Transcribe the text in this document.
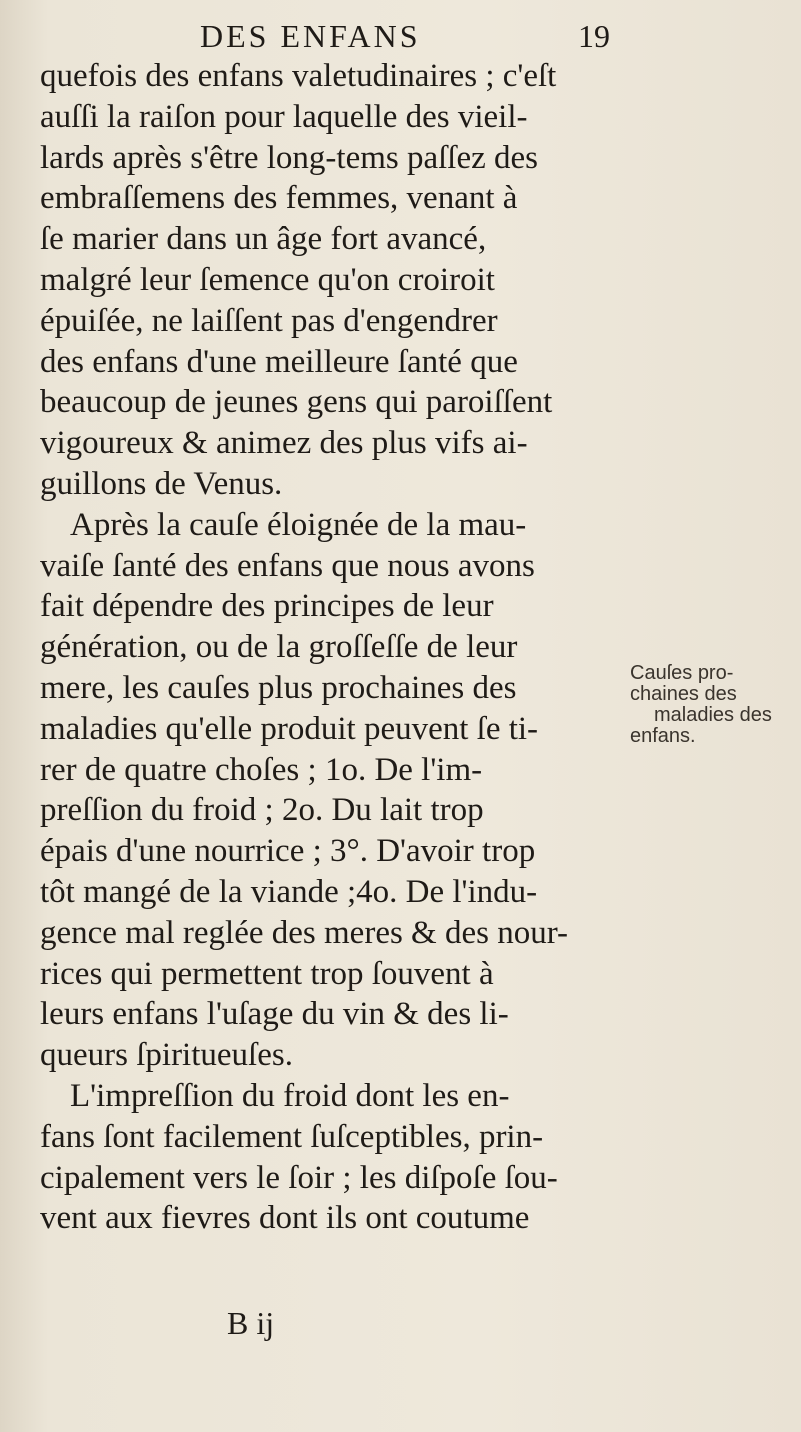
DES ENFANS	19
quefois des enfans valetudinaires ; c'eſt
auſſi la raiſon pour laquelle des vieil-
lards après s'être long-tems paſſez des
embraſſemens des femmes, venant à
ſe marier dans un âge fort avancé,
malgré leur ſemence qu'on croiroit
épuiſée, ne laiſſent pas d'engendrer
des enfans d'une meilleure ſanté que
beaucoup de jeunes gens qui paroiſſent
vigoureux & animez des plus vifs ai-
guillons de Venus.
Après la cauſe éloignée de la mau-
vaiſe ſanté des enfans que nous avons
fait dépendre des principes de leur
génération, ou de la groſſeſſe de leur
mere, les cauſes plus prochaines des
maladies qu'elle produit peuvent ſe ti-
rer de quatre choſes ; 1o. De l'im-
preſſion du froid ; 2o. Du lait trop
épais d'une nourrice ; 3°. D'avoir trop
tôt mangé de la viande ;4o. De l'indu-
gence mal reglée des meres & des nour-
rices qui permettent trop ſouvent à
leurs enfans l'uſage du vin & des li-
queurs ſpiritueuſes.
L'impreſſion du froid dont les en-
fans ſont facilement ſuſceptibles, prin-
cipalement vers le ſoir ; les diſpoſe ſou-
vent aux fievres dont ils ont coutume
B ij
Cauſes pro-
chaines des
maladies des
enfans.
